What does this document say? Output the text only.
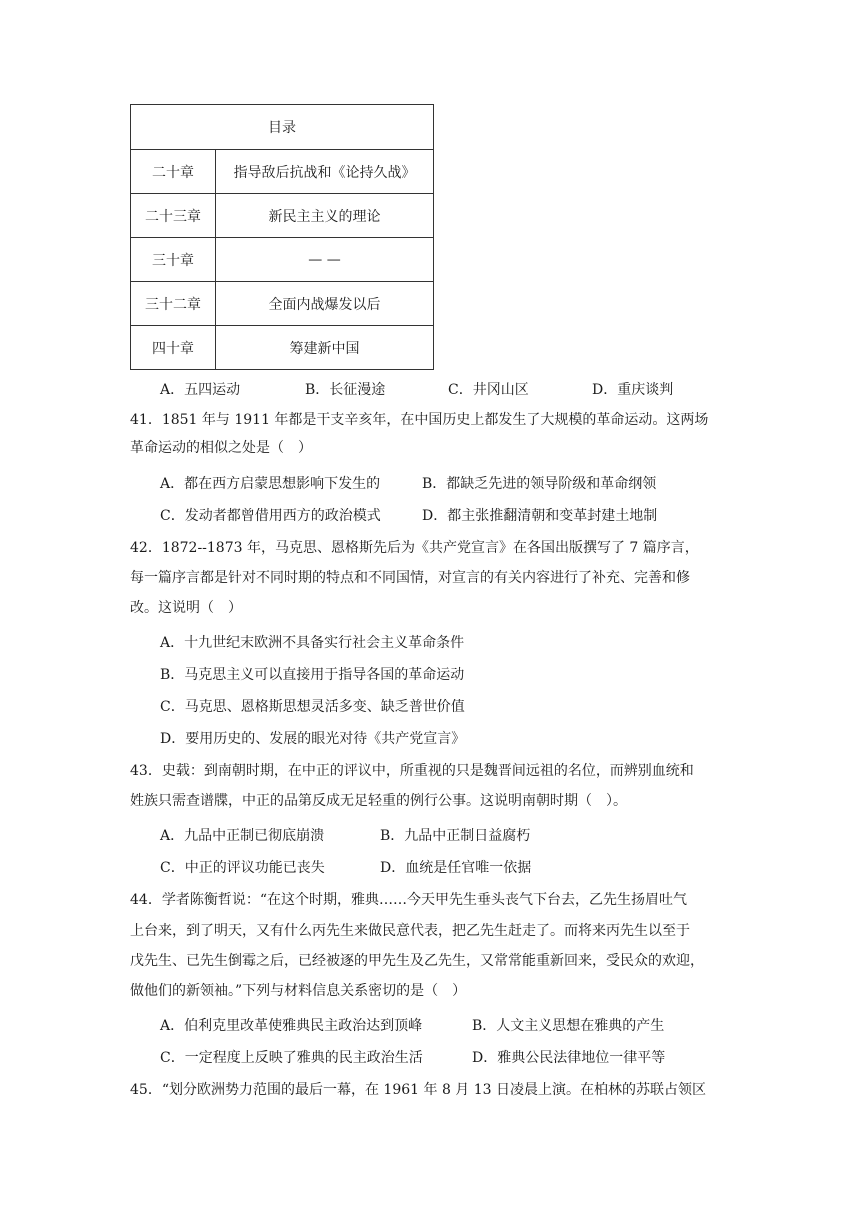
目录	
二十章	指导敌后抗战和《论持久战》
二十三章	新民主主义的理论
三十章	— —
三十二章	全面内战爆发以后
四十章	筹建新中国
A．五四运动	B．长征漫途	C．井冈山区	D．重庆谈判
41．1851 年与 1911 年都是干支辛亥年，在中国历史上都发生了大规模的革命运动。这两场
革命运动的相似之处是（　）
A．都在西方启蒙思想影响下发生的	B．都缺乏先进的领导阶级和革命纲领
C．发动者都曾借用西方的政治模式	D．都主张推翻清朝和变革封建土地制
42．1872--1873 年，马克思、恩格斯先后为《共产党宣言》在各国出版撰写了 7 篇序言，
每一篇序言都是针对不同时期的特点和不同国情，对宣言的有关内容进行了补充、完善和修
改。这说明（　）
A．十九世纪末欧洲不具备实行社会主义革命条件
B．马克思主义可以直接用于指导各国的革命运动
C．马克思、恩格斯思想灵活多变、缺乏普世价值
D．要用历史的、发展的眼光对待《共产党宣言》
43．史载：到南朝时期，在中正的评议中，所重视的只是魏晋间远祖的名位，而辨别血统和
姓族只需查谱牒，中正的品第反成无足轻重的例行公事。这说明南朝时期（　）。
A．九品中正制已彻底崩溃	B．九品中正制日益腐朽
C．中正的评议功能已丧失	D．血统是任官唯一依据
44．学者陈衡哲说：“在这个时期，雅典……今天甲先生垂头丧气下台去，乙先生扬眉吐气
上台来，到了明天，又有什么丙先生来做民意代表，把乙先生赶走了。而将来丙先生以至于
戊先生、已先生倒霉之后，已经被逐的甲先生及乙先生，又常常能重新回来，受民众的欢迎，
做他们的新领袖。”下列与材料信息关系密切的是（　）
A．伯利克里改革使雅典民主政治达到顶峰	B．人文主义思想在雅典的产生
C．一定程度上反映了雅典的民主政治生活	D．雅典公民法律地位一律平等
45．“划分欧洲势力范围的最后一幕，在 1961 年 8 月 13 日凌晨上演。在柏林的苏联占领区
